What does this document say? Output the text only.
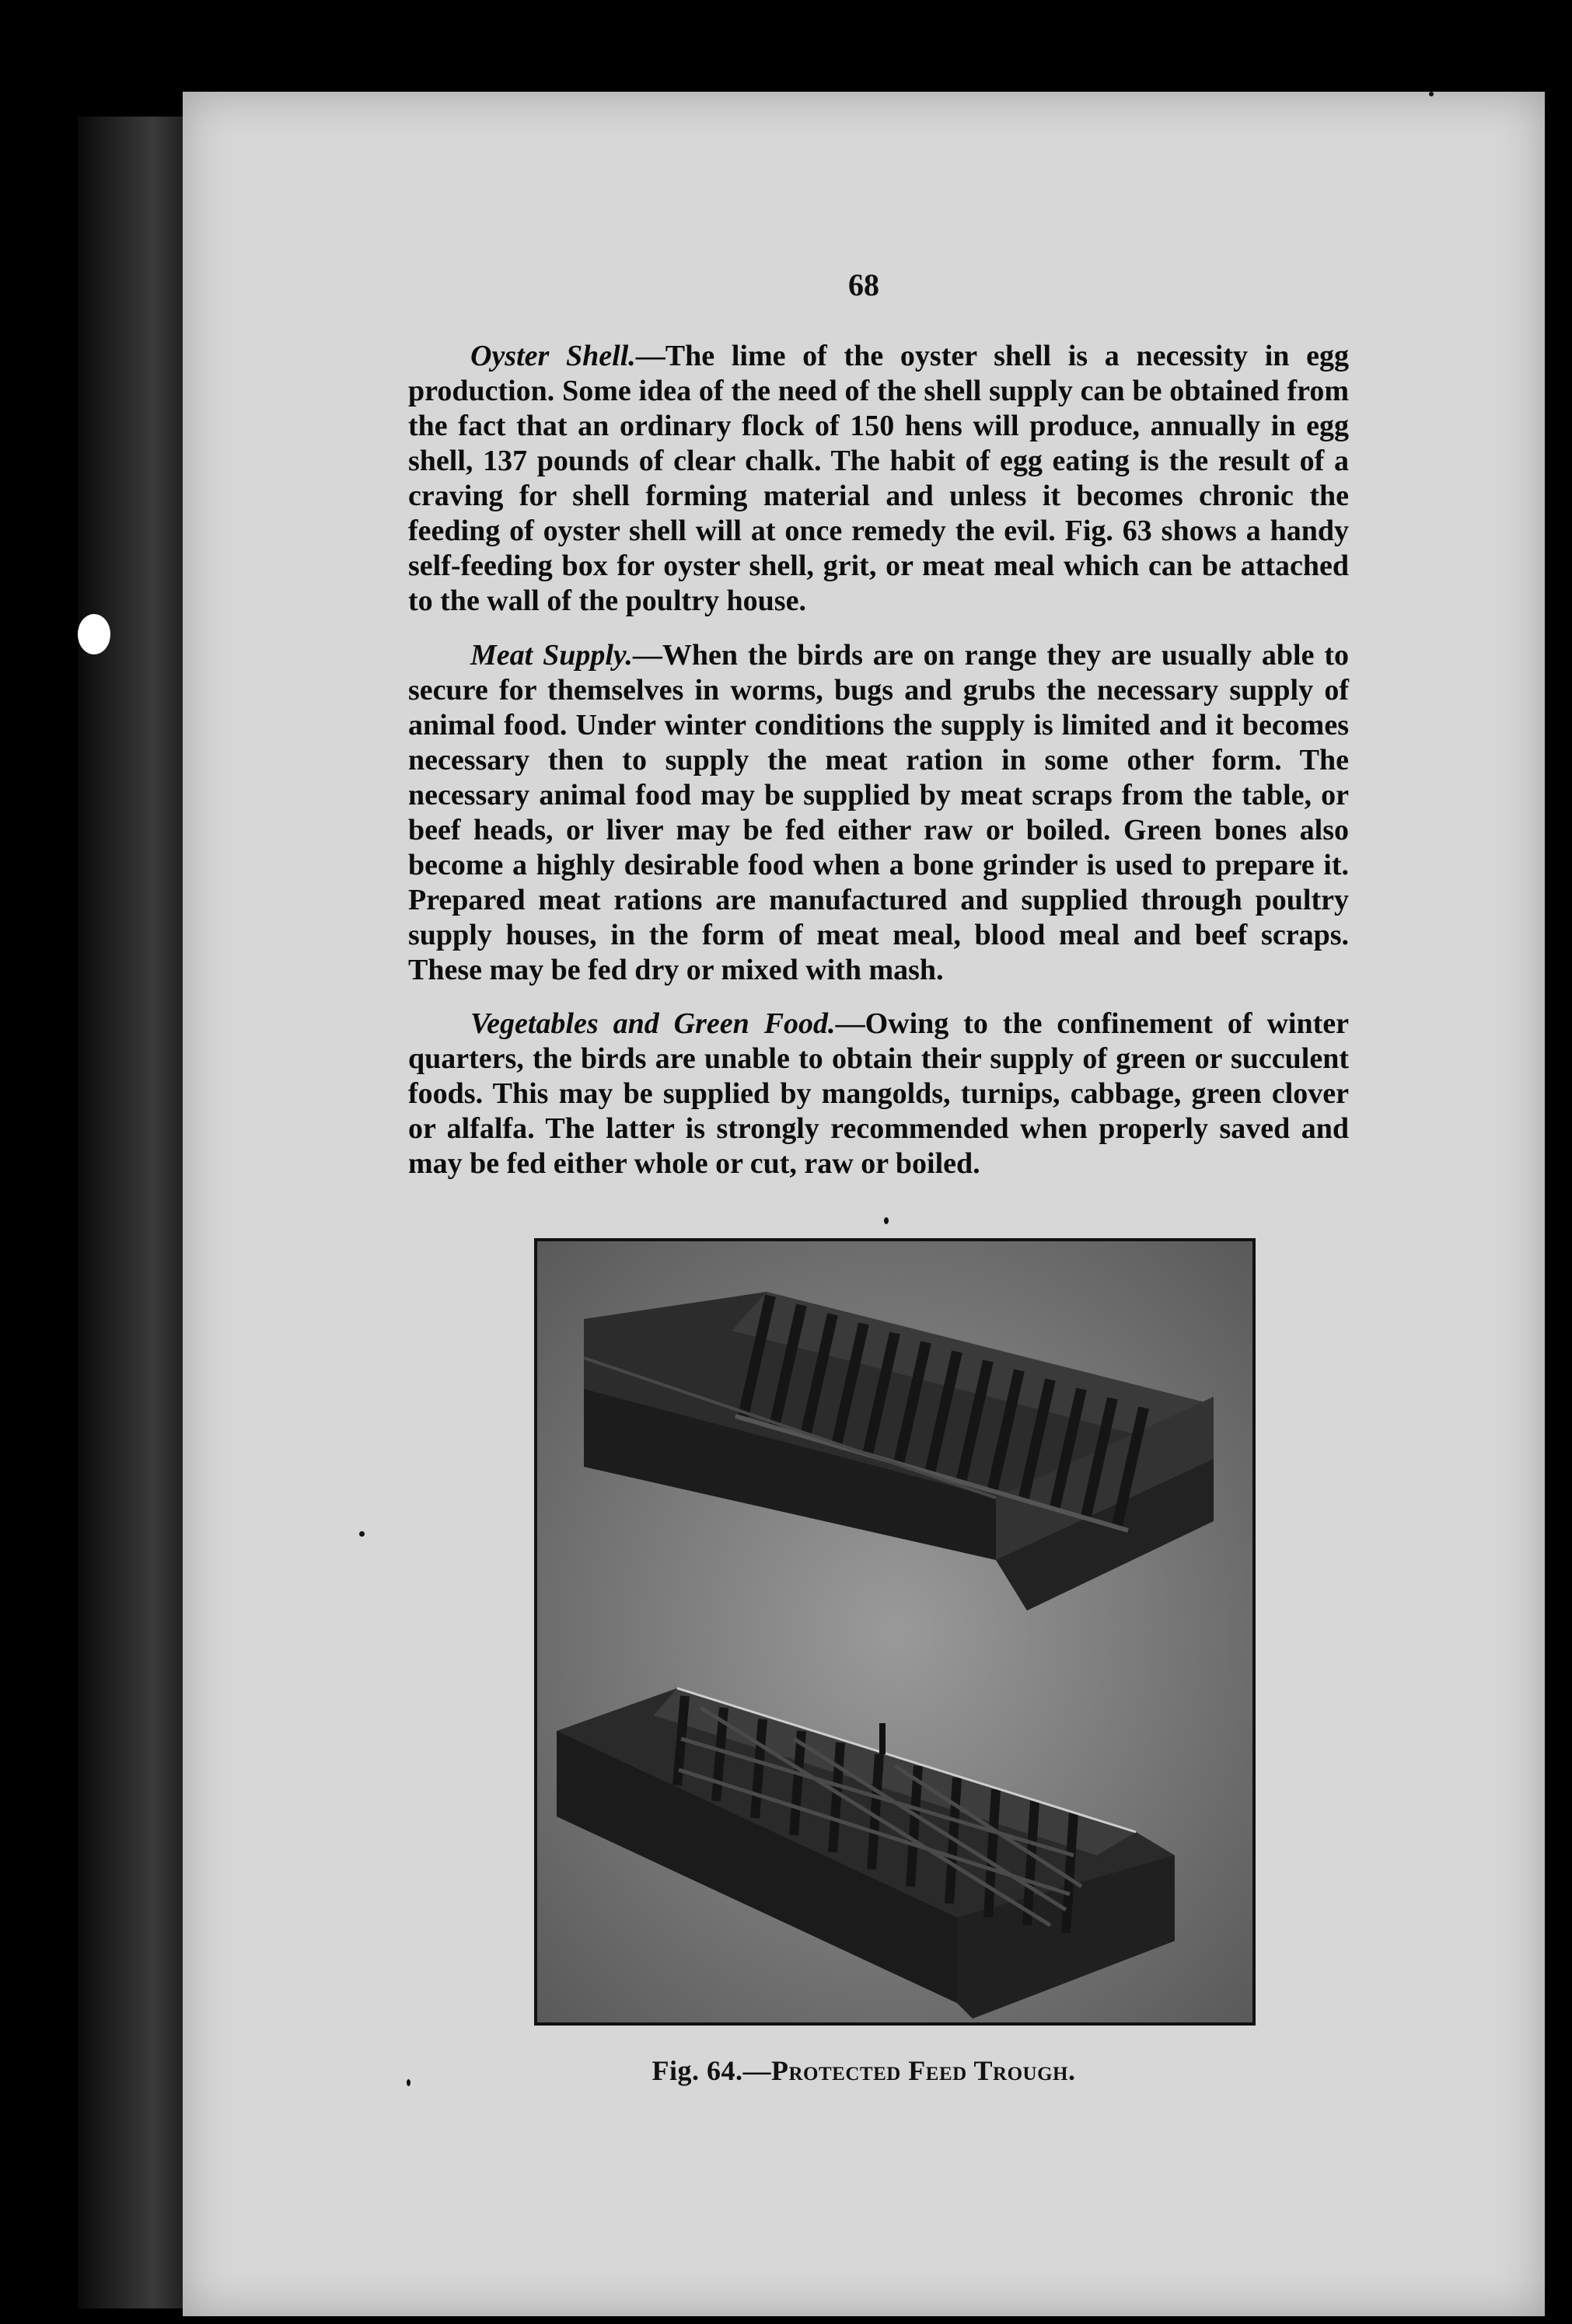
68

Oyster Shell.—The lime of the oyster shell is a necessity in egg production. Some idea of the need of the shell supply can be obtained from the fact that an ordinary flock of 150 hens will produce, annually in egg shell, 137 pounds of clear chalk. The habit of egg eating is the result of a craving for shell forming material and unless it becomes chronic the feeding of oyster shell will at once remedy the evil. Fig. 63 shows a handy self-feeding box for oyster shell, grit, or meat meal which can be attached to the wall of the poultry house.

Meat Supply.—When the birds are on range they are usually able to secure for themselves in worms, bugs and grubs the necessary supply of animal food. Under winter conditions the supply is limited and it becomes necessary then to supply the meat ration in some other form. The necessary animal food may be supplied by meat scraps from the table, or beef heads, or liver may be fed either raw or boiled. Green bones also become a highly desirable food when a bone grinder is used to prepare it. Prepared meat rations are manufactured and supplied through poultry supply houses, in the form of meat meal, blood meal and beef scraps. These may be fed dry or mixed with mash.

Vegetables and Green Food.—Owing to the confinement of winter quarters, the birds are unable to obtain their supply of green or succulent foods. This may be supplied by mangolds, turnips, cabbage, green clover or alfalfa. The latter is strongly recommended when properly saved and may be fed either whole or cut, raw or boiled.

Fig. 64.—Protected Feed Trough.
